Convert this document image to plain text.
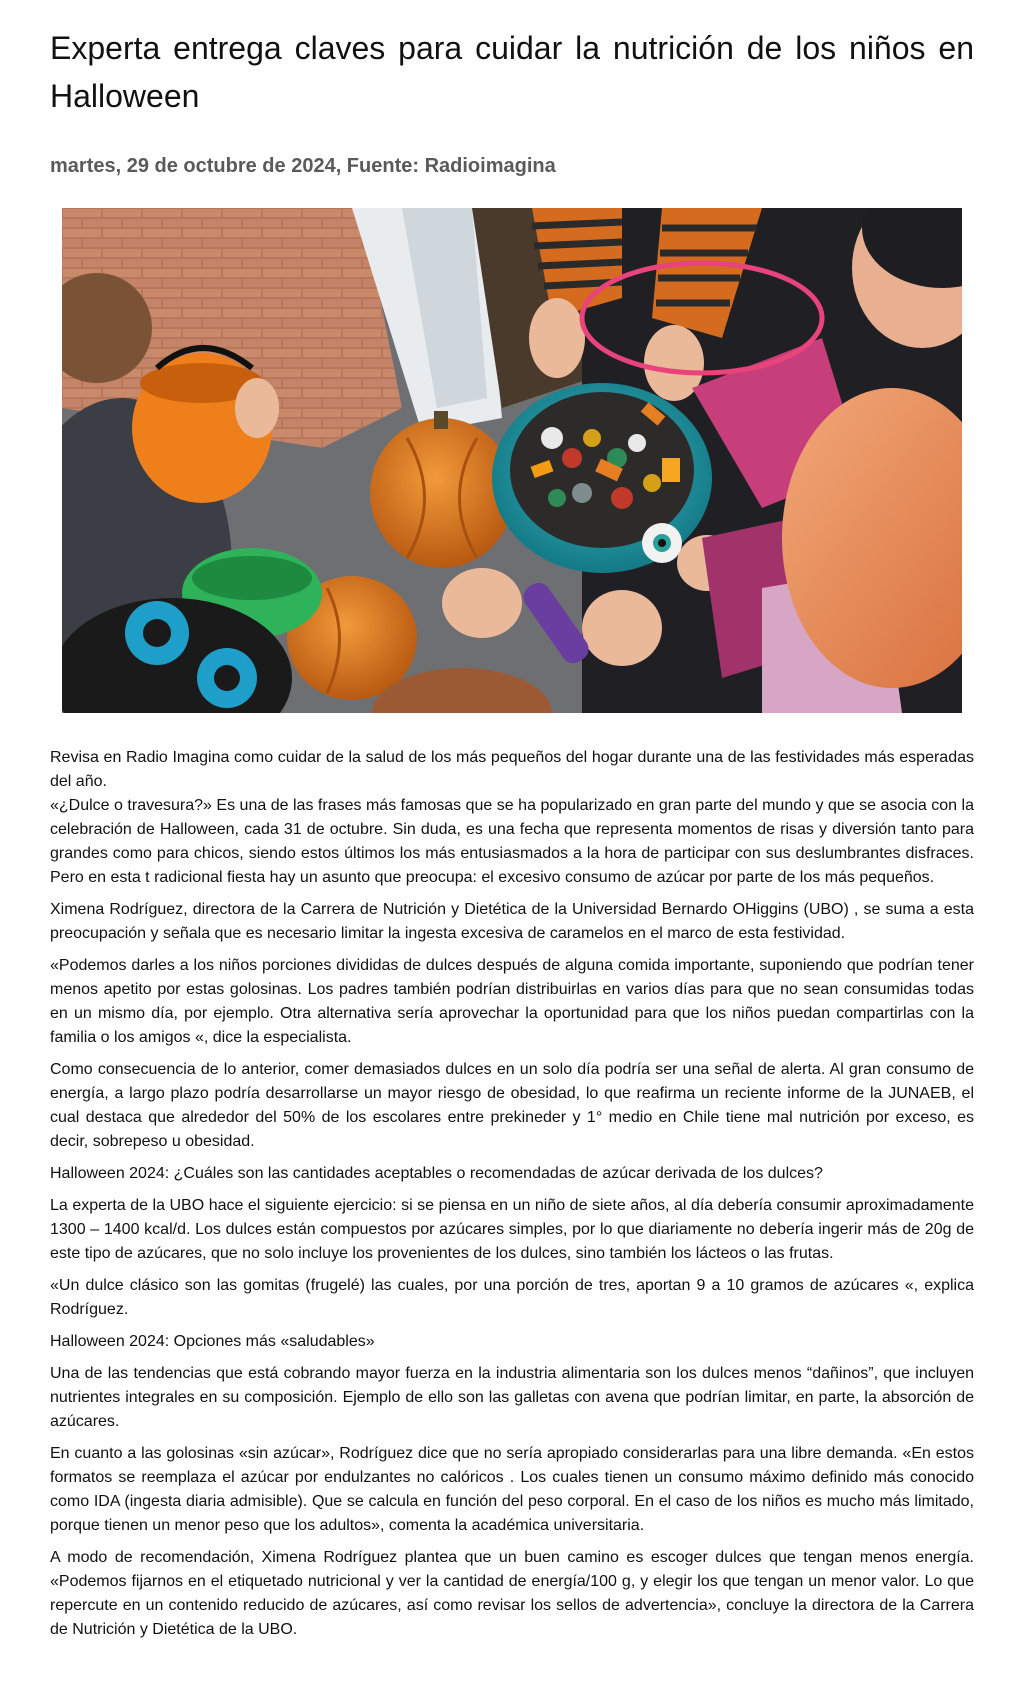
Experta entrega claves para cuidar la nutrición de los niños en Halloween
martes, 29 de octubre de 2024, Fuente: Radioimagina

Revisa en Radio Imagina como cuidar de la salud de los más pequeños del hogar durante una de las festividades más esperadas del año.

«¿Dulce o travesura?» Es una de las frases más famosas que se ha popularizado en gran parte del mundo y que se asocia con la celebración de Halloween, cada 31 de octubre. Sin duda, es una fecha que representa momentos de risas y diversión tanto para grandes como para chicos, siendo estos últimos los más entusiasmados a la hora de participar con sus deslumbrantes disfraces. Pero en esta t radicional fiesta hay un asunto que preocupa: el excesivo consumo de azúcar por parte de los más pequeños.

Ximena Rodríguez, directora de la Carrera de Nutrición y Dietética de la Universidad Bernardo OHiggins (UBO) , se suma a esta preocupación y señala que es necesario limitar la ingesta excesiva de caramelos en el marco de esta festividad.

«Podemos darles a los niños porciones divididas de dulces después de alguna comida importante, suponiendo que podrían tener menos apetito por estas golosinas. Los padres también podrían distribuirlas en varios días para que no sean consumidas todas en un mismo día, por ejemplo. Otra alternativa sería aprovechar la oportunidad para que los niños puedan compartirlas con la familia o los amigos «, dice la especialista.

Como consecuencia de lo anterior, comer demasiados dulces en un solo día podría ser una señal de alerta. Al gran consumo de energía, a largo plazo podría desarrollarse un mayor riesgo de obesidad, lo que reafirma un reciente informe de la JUNAEB, el cual destaca que alrededor del 50% de los escolares entre prekineder y 1° medio en Chile tiene mal nutrición por exceso, es decir, sobrepeso u obesidad.

Halloween 2024: ¿Cuáles son las cantidades aceptables o recomendadas de azúcar derivada de los dulces?

La experta de la UBO hace el siguiente ejercicio: si se piensa en un niño de siete años, al día debería consumir aproximadamente 1300 – 1400 kcal/d. Los dulces están compuestos por azúcares simples, por lo que diariamente no debería ingerir más de 20g de este tipo de azúcares, que no solo incluye los provenientes de los dulces, sino también los lácteos o las frutas.

«Un dulce clásico son las gomitas (frugelé) las cuales, por una porción de tres, aportan 9 a 10 gramos de azúcares «, explica Rodríguez.

Halloween 2024: Opciones más «saludables»

Una de las tendencias que está cobrando mayor fuerza en la industria alimentaria son los dulces menos “dañinos”, que incluyen nutrientes integrales en su composición. Ejemplo de ello son las galletas con avena que podrían limitar, en parte, la absorción de azúcares.

En cuanto a las golosinas «sin azúcar», Rodríguez dice que no sería apropiado considerarlas para una libre demanda. «En estos formatos se reemplaza el azúcar por endulzantes no calóricos . Los cuales tienen un consumo máximo definido más conocido como IDA (ingesta diaria admisible). Que se calcula en función del peso corporal. En el caso de los niños es mucho más limitado, porque tienen un menor peso que los adultos», comenta la académica universitaria.

A modo de recomendación, Ximena Rodríguez plantea que un buen camino es escoger dulces que tengan menos energía. «Podemos fijarnos en el etiquetado nutricional y ver la cantidad de energía/100 g, y elegir los que tengan un menor valor. Lo que repercute en un contenido reducido de azúcares, así como revisar los sellos de advertencia», concluye la directora de la Carrera de Nutrición y Dietética de la UBO.
